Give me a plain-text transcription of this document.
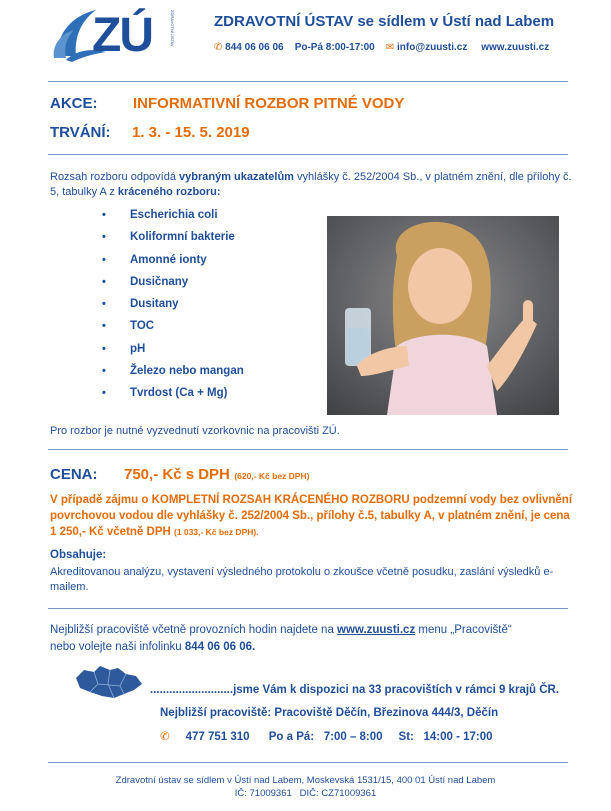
ZÚ	ZDRAVOTNÍ ÚSTAV	ZDRAVOTNÍ ÚSTAV se sídlem v Ústí nad Labem
✆ 844 06 06 06 Po-Pá 8:00-17:00 ✉ info@zuusti.cz www.zuusti.cz
AKCE: INFORMATIVNÍ ROZBOR PITNÉ VODY
TRVÁNÍ: 1. 3. - 15. 5. 2019
Rozsah rozboru odpovídá vybraným ukazatelům vyhlášky č. 252/2004 Sb., v platném znění, dle přílohy č. 5, tabulky A z kráceného rozboru:
• Escherichia coli
• Koliformní bakterie
• Amonné ionty
• Dusičnany
• Dusitany
• TOC
• pH
• Železo nebo mangan
• Tvrdost (Ca + Mg)
Pro rozbor je nutné vyzvednutí vzorkovnic na pracovišti ZÚ.
CENA: 750,- Kč s DPH (620,- Kč bez DPH)
V případě zájmu o KOMPLETNÍ ROZSAH KRÁCENÉHO ROZBORU podzemní vody bez ovlivnění povrchovou vodou dle vyhlášky č. 252/2004 Sb., přílohy č.5, tabulky A, v platném znění, je cena 1 250,- Kč včetně DPH (1 033,- Kč bez DPH).
Obsahuje:
Akreditovanou analýzu, vystavení výsledného protokolu o zkoušce včetně posudku, zaslání výsledků e-mailem.
Nejbližší pracoviště včetně provozních hodin najdete na www.zuusti.cz menu „Pracoviště“
nebo volejte naši infolinku 844 06 06 06.
..........................jsme Vám k dispozici na 33 pracovištích v rámci 9 krajů ČR.
Nejbližší pracoviště: Pracoviště Děčín, Březinova 444/3, Děčín
✆ 477 751 310 Po a Pá: 7:00 – 8:00 St: 14:00 - 17:00
Zdravotní ústav se sídlem v Ústí nad Labem, Moskevská 1531/15, 400 01 Ústí nad Labem
IČ: 71009361   DIČ: CZ71009361
